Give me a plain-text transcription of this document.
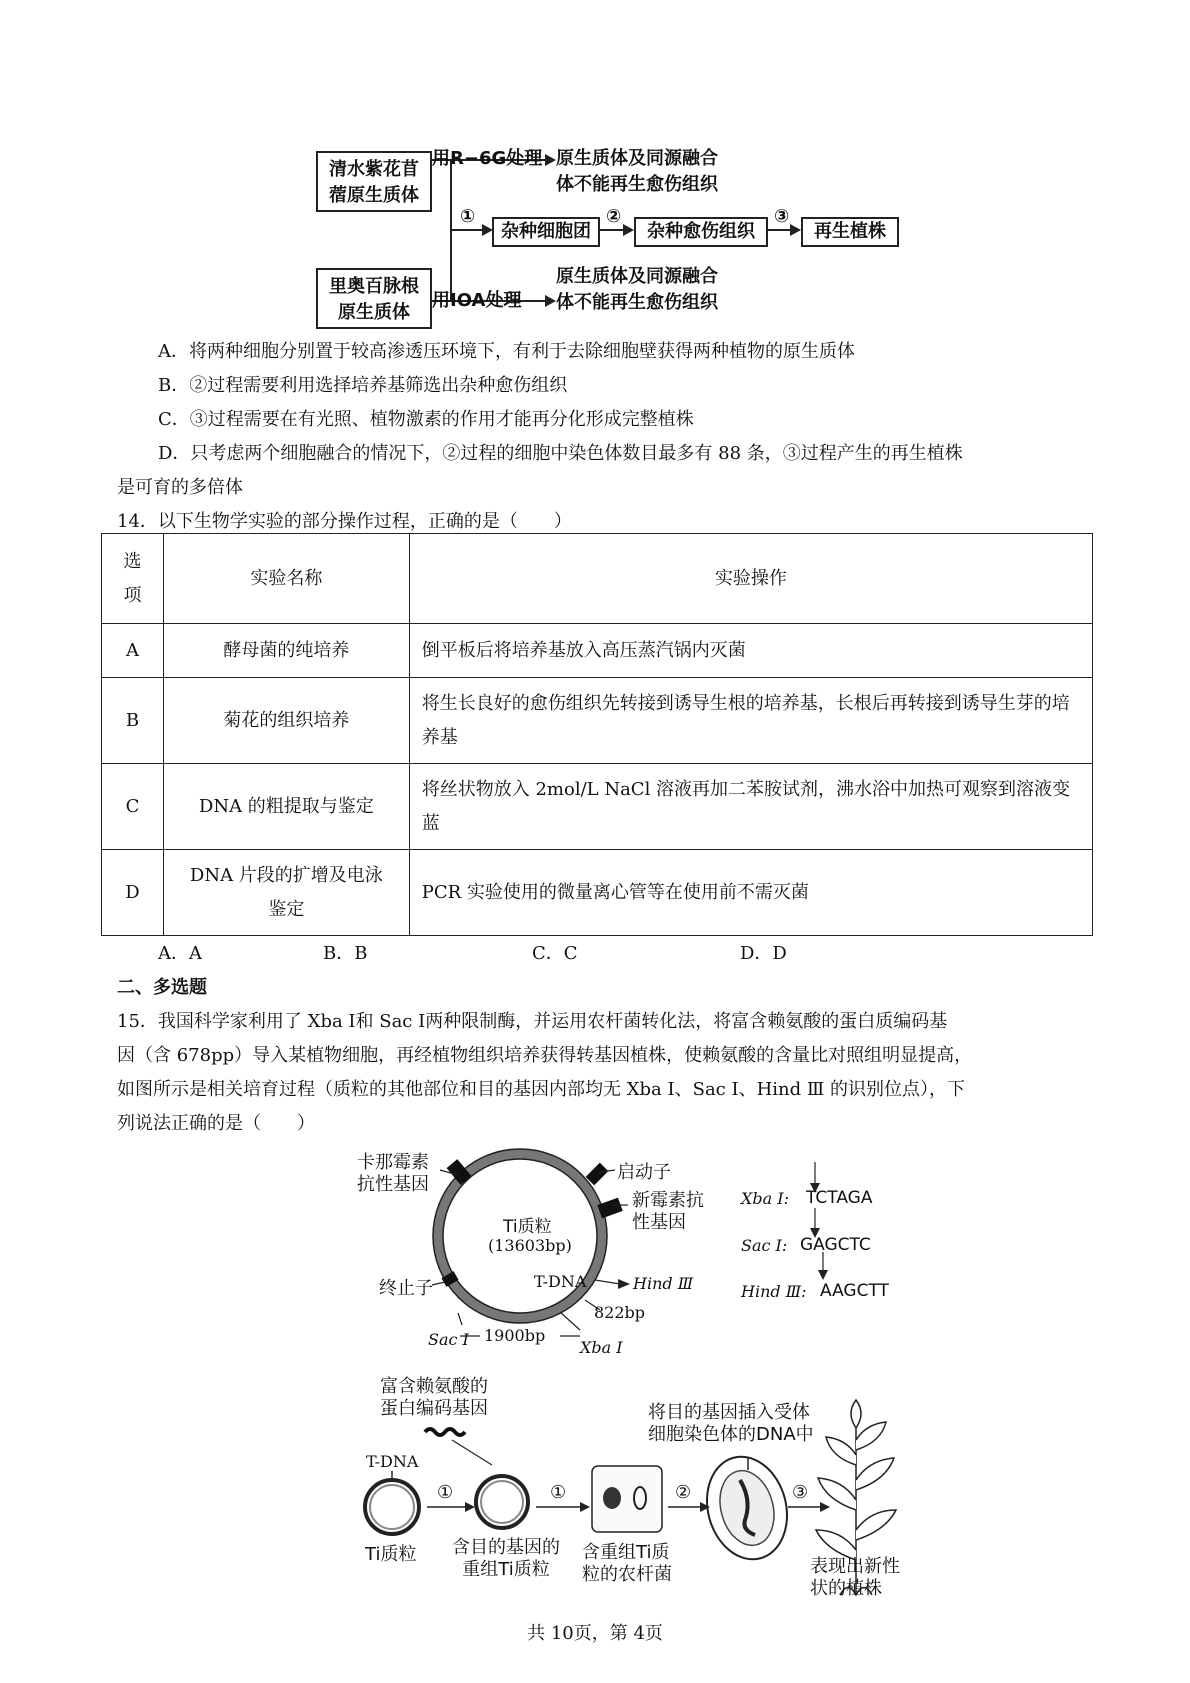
清水紫花苜
蓿原生质体
里奥百脉根
原生质体
用R−6G处理
用IOA处理
原生质体及同源融合
体不能再生愈伤组织
原生质体及同源融合
体不能再生愈伤组织
①	②	③
杂种细胞团	杂种愈伤组织	再生植株
A．将两种细胞分别置于较高渗透压环境下，有利于去除细胞壁获得两种植物的原生质体
B．②过程需要利用选择培养基筛选出杂种愈伤组织
C．③过程需要在有光照、植物激素的作用才能再分化形成完整植株
D．只考虑两个细胞融合的情况下，②过程的细胞中染色体数目最多有 88 条，③过程产生的再生植株
是可育的多倍体
14．以下生物学实验的部分操作过程，正确的是（　　）
选
项	实验名称	实验操作
A	酵母菌的纯培养	倒平板后将培养基放入高压蒸汽锅内灭菌
B	菊花的组织培养	将生长良好的愈伤组织先转接到诱导生根的培养基，长根后再转接到诱导生芽的培养基
C	DNA 的粗提取与鉴定	将丝状物放入 2mol/L NaCl 溶液再加二苯胺试剂，沸水浴中加热可观察到溶液变蓝
D	DNA 片段的扩增及电泳鉴定	PCR 实验使用的微量离心管等在使用前不需灭菌
A．A	B．B	C．C	D．D
二、多选题
15．我国科学家利用了 Xba Ⅰ和 Sac Ⅰ两种限制酶，并运用农杆菌转化法，将富含赖氨酸的蛋白质编码基
因（含 678pp）导入某植物细胞，再经植物组织培养获得转基因植株，使赖氨酸的含量比对照组明显提高，
如图所示是相关培育过程（质粒的其他部位和目的基因内部均无 Xba Ⅰ、Sac Ⅰ、Hind Ⅲ 的识别位点），下
列说法正确的是（　　）
卡那霉素
抗性基因
启动子
新霉素抗
性基因
Ti质粒
(13603bp)
终止子	T-DNA	Hind Ⅲ
822bp
Sac Ⅰ 1900bp
Xba Ⅰ
Xba Ⅰ: TCTAGA
Sac Ⅰ: GAGCTC
Hind Ⅲ: AAGCTT
富含赖氨酸的
蛋白编码基因
T-DNA
Ti质粒
①	①	②	③
含目的基因的
重组Ti质粒
含重组Ti质
粒的农杆菌
将目的基因插入受体
细胞染色体的DNA中
表现出新性
状的植株
共 10页，第 4页
